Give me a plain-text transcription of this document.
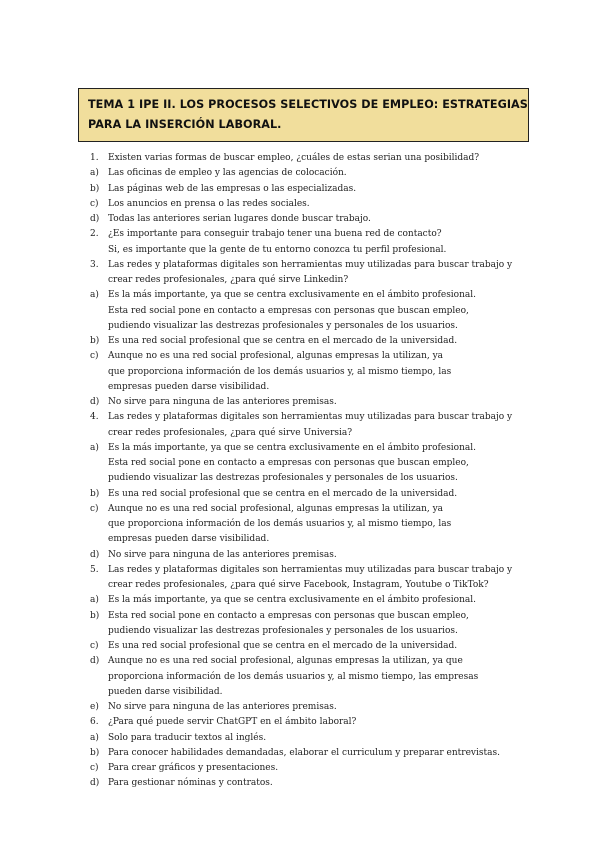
TEMA 1 IPE II. LOS PROCESOS SELECTIVOS DE EMPLEO: ESTRATEGIAS
PARA LA INSERCIÓN LABORAL.
1. Existen varias formas de buscar empleo, ¿cuáles de estas serian una posibilidad?
a) Las oficinas de empleo y las agencias de colocación.
b) Las páginas web de las empresas o las especializadas.
c) Los anuncios en prensa o las redes sociales.
d) Todas las anteriores serian lugares donde buscar trabajo.
2. ¿Es importante para conseguir trabajo tener una buena red de contacto?
Si, es importante que la gente de tu entorno conozca tu perfil profesional.
3. Las redes y plataformas digitales son herramientas muy utilizadas para buscar trabajo y
crear redes profesionales, ¿para qué sirve Linkedin?
a) Es la más importante, ya que se centra exclusivamente en el ámbito profesional.
Esta red social pone en contacto a empresas con personas que buscan empleo,
pudiendo visualizar las destrezas profesionales y personales de los usuarios.
b) Es una red social profesional que se centra en el mercado de la universidad.
c) Aunque no es una red social profesional, algunas empresas la utilizan, ya
que proporciona información de los demás usuarios y, al mismo tiempo, las
empresas pueden darse visibilidad.
d) No sirve para ninguna de las anteriores premisas.
4. Las redes y plataformas digitales son herramientas muy utilizadas para buscar trabajo y
crear redes profesionales, ¿para qué sirve Universia?
a) Es la más importante, ya que se centra exclusivamente en el ámbito profesional.
Esta red social pone en contacto a empresas con personas que buscan empleo,
pudiendo visualizar las destrezas profesionales y personales de los usuarios.
b) Es una red social profesional que se centra en el mercado de la universidad.
c) Aunque no es una red social profesional, algunas empresas la utilizan, ya
que proporciona información de los demás usuarios y, al mismo tiempo, las
empresas pueden darse visibilidad.
d) No sirve para ninguna de las anteriores premisas.
5. Las redes y plataformas digitales son herramientas muy utilizadas para buscar trabajo y
crear redes profesionales, ¿para qué sirve Facebook, Instagram, Youtube o TikTok?
a) Es la más importante, ya que se centra exclusivamente en el ámbito profesional.
b) Esta red social pone en contacto a empresas con personas que buscan empleo,
pudiendo visualizar las destrezas profesionales y personales de los usuarios.
c) Es una red social profesional que se centra en el mercado de la universidad.
d) Aunque no es una red social profesional, algunas empresas la utilizan, ya que
proporciona información de los demás usuarios y, al mismo tiempo, las empresas
pueden darse visibilidad.
e) No sirve para ninguna de las anteriores premisas.
6. ¿Para qué puede servir ChatGPT en el ámbito laboral?
a) Solo para traducir textos al inglés.
b) Para conocer habilidades demandadas, elaborar el curriculum y preparar entrevistas.
c) Para crear gráficos y presentaciones.
d) Para gestionar nóminas y contratos.
